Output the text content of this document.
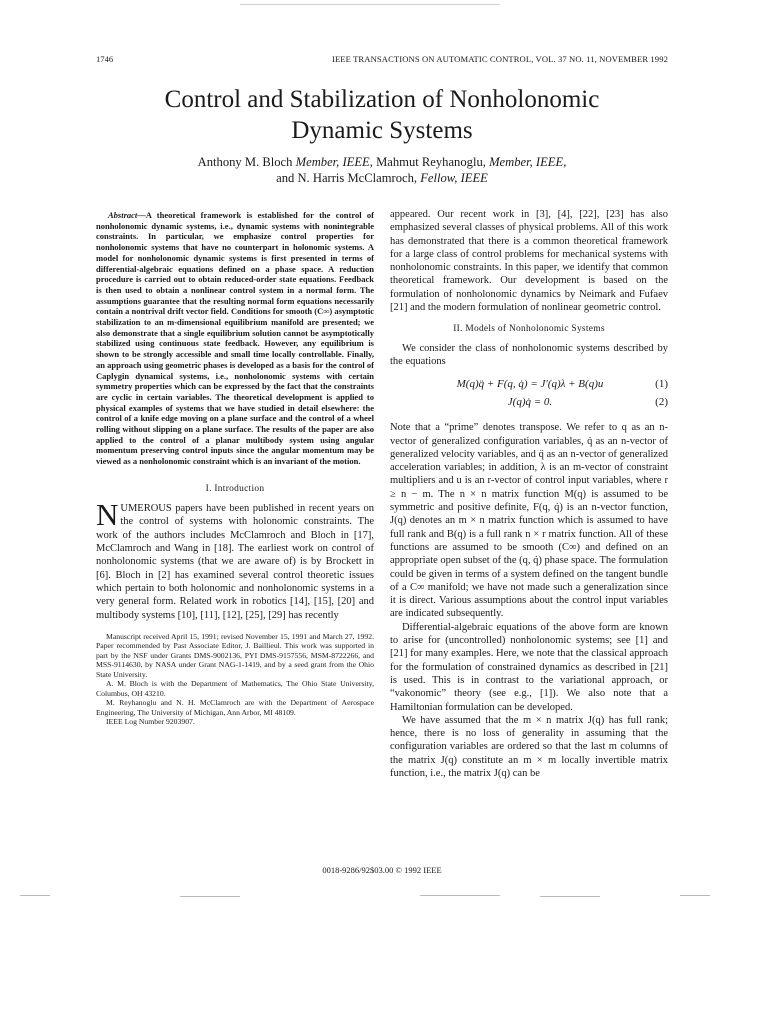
1746	IEEE TRANSACTIONS ON AUTOMATIC CONTROL, VOL. 37 NO. 11, NOVEMBER 1992
Control and Stabilization of Nonholonomic
Dynamic Systems
Anthony M. Bloch Member, IEEE, Mahmut Reyhanoglu, Member, IEEE,
and N. Harris McClamroch, Fellow, IEEE

Abstract—A theoretical framework is established for the control of nonholonomic dynamic systems, i.e., dynamic systems with nonintegrable constraints. In particular, we emphasize control properties for nonholonomic systems that have no counterpart in holonomic systems. A model for nonholonomic dynamic systems is first presented in terms of differential-algebraic equations defined on a phase space. A reduction procedure is carried out to obtain reduced-order state equations. Feedback is then used to obtain a nonlinear control system in a normal form. The assumptions guarantee that the resulting normal form equations necessarily contain a nontrival drift vector field. Conditions for smooth (C∞) asymptotic stabilization to an m-dimensional equilibrium manifold are presented; we also demonstrate that a single equilibrium solution cannot be asymptotically stabilized using continuous state feedback. However, any equilibrium is shown to be strongly accessible and small time locally controllable. Finally, an approach using geometric phases is developed as a basis for the control of Caplygin dynamical systems, i.e., nonholonomic systems with certain symmetry properties which can be expressed by the fact that the constraints are cyclic in certain variables. The theoretical development is applied to physical examples of systems that we have studied in detail elsewhere: the control of a knife edge moving on a plane surface and the control of a wheel rolling without slipping on a plane surface. The results of the paper are also applied to the control of a planar multibody system using angular momentum preserving control inputs since the angular momentum may be viewed as a nonholonomic constraint which is an invariant of the motion.

I. Introduction

NUMEROUS papers have been published in recent years on the control of systems with holonomic constraints. The work of the authors includes McClamroch and Bloch in [17], McClamroch and Wang in [18]. The earliest work on control of nonholonomic systems (that we are aware of) is by Brockett in [6]. Bloch in [2] has examined several control theoretic issues which pertain to both holonomic and nonholonomic systems in a very general form. Related work in robotics [14], [15], [20] and multibody systems [10], [11], [12], [25], [29] has recently

Manuscript received April 15, 1991; revised November 15, 1991 and March 27, 1992. Paper recommended by Past Associate Editor, J. Baillieul. This work was supported in part by the NSF under Grants DMS-9002136, PYI DMS-9157556, MSM-8722266, and MSS-9114630, by NASA under Grant NAG-1-1419, and by a seed grant from the Ohio State University.

A. M. Bloch is with the Department of Mathematics, The Ohio State University, Columbus, OH 43210.

M. Reyhanoglu and N. H. McClamroch are with the Department of Aerospace Engineering, The University of Michigan, Ann Arbor, MI 48109.

IEEE Log Number 9203907.

appeared. Our recent work in [3], [4], [22], [23] has also emphasized several classes of physical problems. All of this work has demonstrated that there is a common theoretical framework for a large class of control problems for mechanical systems with nonholonomic constraints. In this paper, we identify that common theoretical framework. Our development is based on the formulation of nonholonomic dynamics by Neimark and Fufaev [21] and the modern formulation of nonlinear geometric control.

II. Models of Nonholonomic Systems

We consider the class of nonholonomic systems described by the equations

M(q)q̈ + F(q, q̇) = J′(q)λ + B(q)u	(1)
J(q)q̇ = 0.	(2)

Note that a “prime” denotes transpose. We refer to q as an n-vector of generalized configuration variables, q̇ as an n-vector of generalized velocity variables, and q̈ as an n-vector of generalized acceleration variables; in addition, λ is an m-vector of constraint multipliers and u is an r-vector of control input variables, where r ≥ n − m. The n × n matrix function M(q) is assumed to be symmetric and positive definite, F(q, q̇) is an n-vector function, J(q) denotes an m × n matrix function which is assumed to have full rank and B(q) is a full rank n × r matrix function. All of these functions are assumed to be smooth (C∞) and defined on an appropriate open subset of the (q, q̇) phase space. The formulation could be given in terms of a system defined on the tangent bundle of a C∞ manifold; we have not made such a generalization since it is direct. Various assumptions about the control input variables are indicated subsequently.

Differential-algebraic equations of the above form are known to arise for (uncontrolled) nonholonomic systems; see [1] and [21] for many examples. Here, we note that the classical approach for the formulation of constrained dynamics as described in [21] is used. This is in contrast to the variational approach, or “vakonomic” theory (see e.g., [1]). We also note that a Hamiltonian formulation can be developed.

We have assumed that the m × n matrix J(q) has full rank; hence, there is no loss of generality in assuming that the configuration variables are ordered so that the last m columns of the matrix J(q) constitute an m × m locally invertible matrix function, i.e., the matrix J(q) can be

0018-9286/92$03.00 © 1992 IEEE
